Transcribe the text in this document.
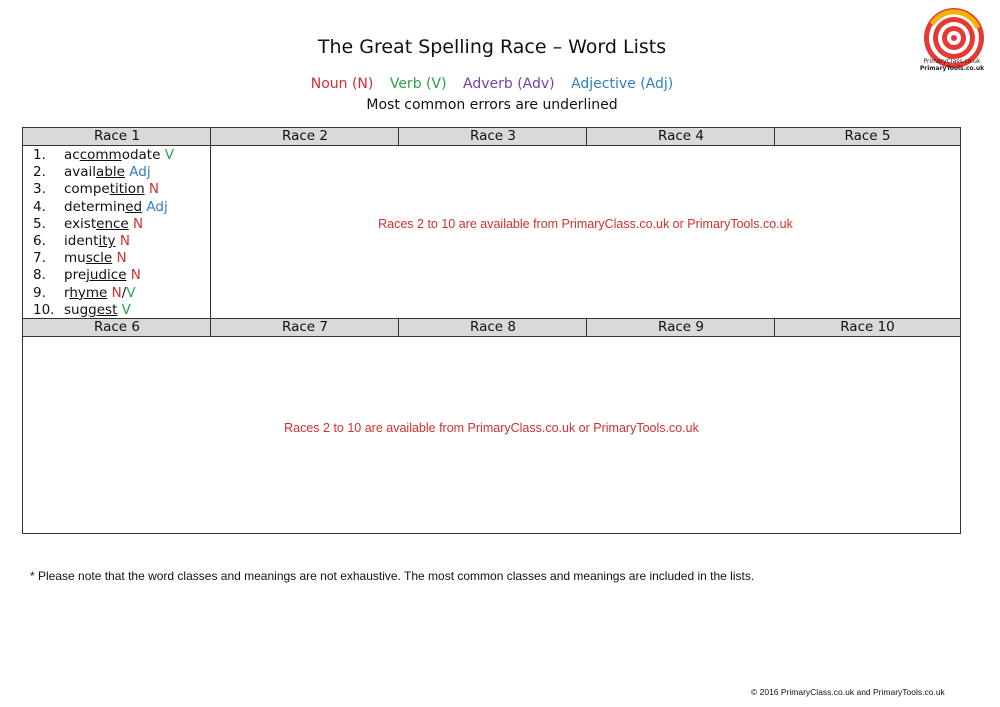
The Great Spelling Race – Word Lists
Noun (N) Verb (V) Adverb (Adv) Adjective (Adj)
Most common errors are underlined
PrimaryClass.co.uk
PrimaryTools.co.uk
Race 1	Race 2	Race 3	Race 4	Race 5
1. accommodate V
2. available Adj
3. competition N
4. determined Adj
5. existence N
6. identity N
7. muscle N
8. prejudice N
9. rhyme N/V
10. suggest V
Races 2 to 10 are available from PrimaryClass.co.uk or PrimaryTools.co.uk
Race 6	Race 7	Race 8	Race 9	Race 10
Races 2 to 10 are available from PrimaryClass.co.uk or PrimaryTools.co.uk
* Please note that the word classes and meanings are not exhaustive. The most common classes and meanings are included in the lists.
© 2016 PrimaryClass.co.uk and PrimaryTools.co.uk
